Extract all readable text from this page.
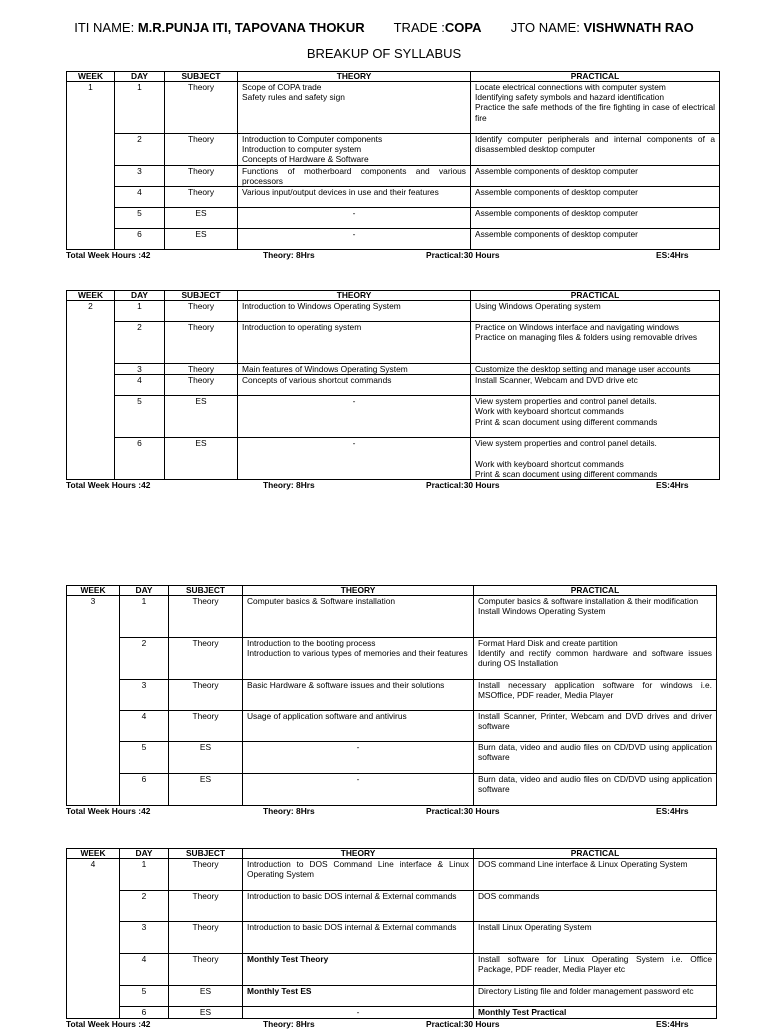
ITI NAME: M.R.PUNJA ITI, TAPOVANA THOKUR TRADE :COPA JTO NAME: VISHWNATH RAO
BREAKUP OF SYLLABUS
WEEK	DAY	SUBJECT	THEORY	PRACTICAL
1	1	Theory	Scope of COPA trade
Safety rules and safety sign	Locate electrical connections with computer system
Identifying safety symbols and hazard identification
Practice the safe methods of the fire fighting in case of electrical fire

	2	Theory	Introduction to Computer components
Introduction to computer system
Concepts of Hardware & Software	Identify computer peripherals and internal components of a disassembled desktop computer

	3	Theory	Functions of motherboard components and various processors	Assemble components of desktop computer

	4	Theory	Various input/output devices in use and their features	Assemble components of desktop computer

	5	ES	-	Assemble components of desktop computer

	6	ES	-	Assemble components of desktop computer
Total Week Hours :42	Theory: 8Hrs	Practical:30 Hours	ES:4Hrs
WEEK	DAY	SUBJECT	THEORY	PRACTICAL
2	1	Theory	Introduction to Windows Operating System	Using Windows Operating system

	2	Theory	Introduction to operating system	Practice on Windows interface and navigating windows
Practice on managing files & folders using removable drives

	3	Theory	Main features of Windows Operating System	Customize the desktop setting and manage user accounts

	4	Theory	Concepts of various shortcut commands	Install Scanner, Webcam and DVD drive etc

	5	ES	-	View system properties and control panel details.
Work with keyboard shortcut commands
Print & scan document using different commands

	6	ES	-	View system properties and control panel details.

Work with keyboard shortcut commands
Print & scan document using different commands
Total Week Hours :42	Theory: 8Hrs	Practical:30 Hours	ES:4Hrs
WEEK	DAY	SUBJECT	THEORY	PRACTICAL
3	1	Theory	Computer basics & Software installation	Computer basics & software installation & their modification
Install Windows Operating System

	2	Theory	Introduction to the booting process
Introduction to various types of memories and their features	Format Hard Disk and create partition
Identify and rectify common hardware and software issues during OS Installation

	3	Theory	Basic Hardware & software issues and their solutions	Install necessary application software for windows i.e. MSOffice, PDF reader, Media Player

	4	Theory	Usage of application software and antivirus	Install Scanner, Printer, Webcam and DVD drives and driver software

	5	ES	-	Burn data, video and audio files on CD/DVD using application software

	6	ES	-	Burn data, video and audio files on CD/DVD using application software
Total Week Hours :42	Theory: 8Hrs	Practical:30 Hours	ES:4Hrs
WEEK	DAY	SUBJECT	THEORY	PRACTICAL
4	1	Theory	Introduction to DOS Command Line interface & Linux Operating System	DOS command Line interface & Linux Operating System

	2	Theory	Introduction to basic DOS internal & External commands	DOS commands

	3	Theory	Introduction to basic DOS internal & External commands	Install Linux Operating System

	4	Theory	Monthly Test Theory	Install software for Linux Operating System i.e. Office Package, PDF reader, Media Player etc

	5	ES	Monthly Test ES	Directory Listing file and folder management password etc

	6	ES	-	Monthly Test Practical
Total Week Hours :42	Theory: 8Hrs	Practical:30 Hours	ES:4Hrs
